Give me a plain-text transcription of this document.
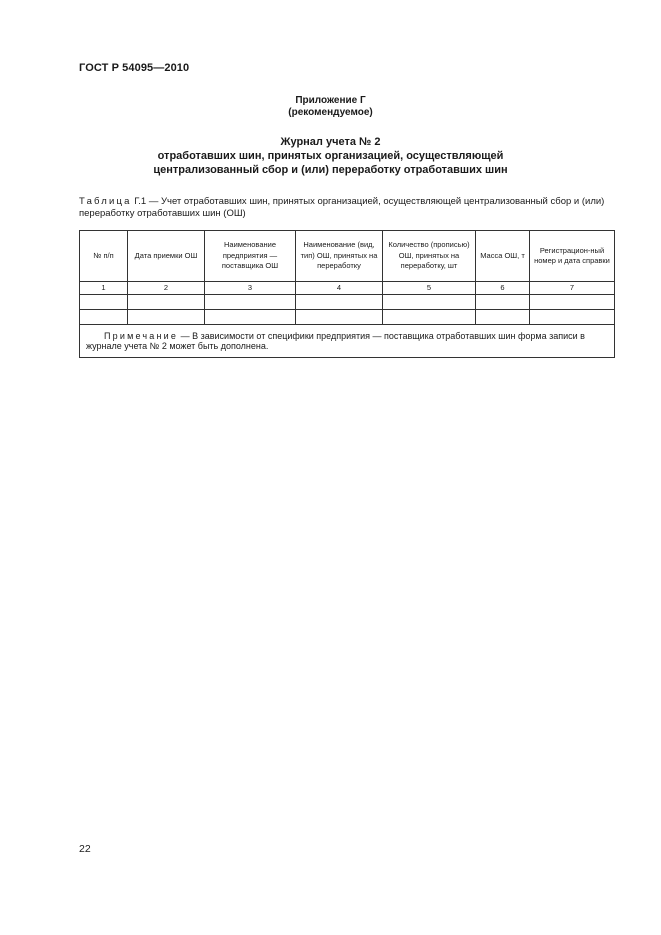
ГОСТ Р 54095—2010
Приложение Г
(рекомендуемое)
Журнал учета № 2
отработавших шин, принятых организацией, осуществляющей
централизованный сбор и (или) переработку отработавших шин
Таблица Г.1 — Учет отработавших шин, принятых организацией, осуществляющей централизованный сбор и (или) переработку отработавших шин (ОШ)
№ п/п	Дата приемки ОШ	Наименование предприятия — поставщика ОШ	Наименование (вид, тип) ОШ, принятых на переработку	Количество (прописью) ОШ, принятых на переработку, шт	Масса ОШ, т	Регистрацион-ный номер и дата справки
1	2	3	4	5	6	7

Примечание — В зависимости от специфики предприятия — поставщика отработавших шин форма записи в журнале учета № 2 может быть дополнена.						
22
